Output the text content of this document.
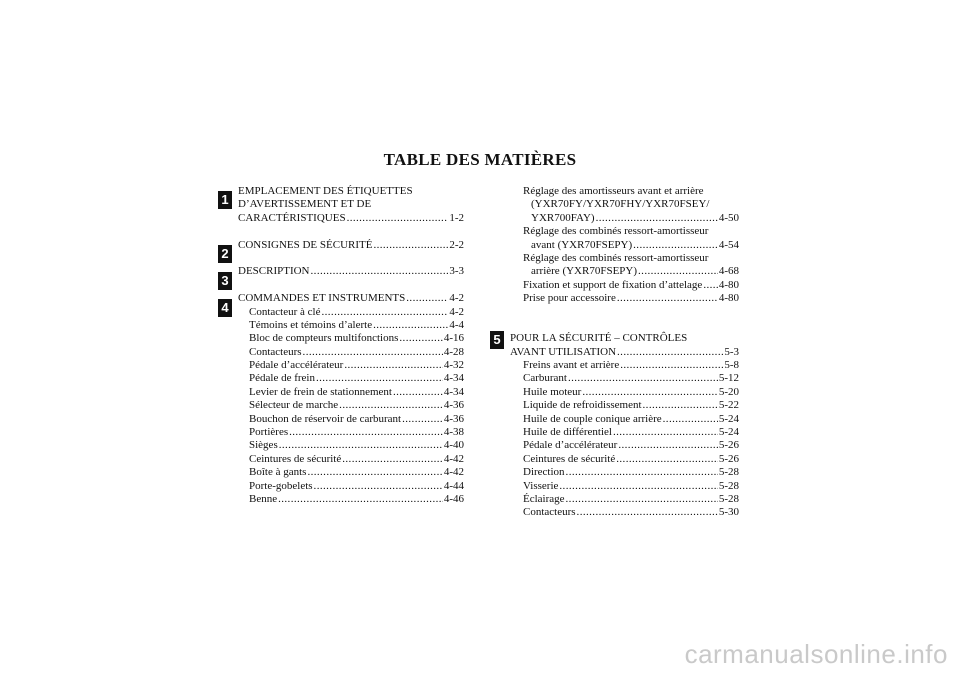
TABLE DES MATIÈRES
1
2
3
4
5
EMPLACEMENT DES ÉTIQUETTES
D’AVERTISSEMENT ET DE
CARACTÉRISTIQUES .....	1-2
CONSIGNES DE SÉCURITÉ .....	2-2
DESCRIPTION .....	3-3
COMMANDES ET INSTRUMENTS .....	4-2
Contacteur à clé .....	4-2
Témoins et témoins d’alerte .....	4-4
Bloc de compteurs multifonctions .....	4-16
Contacteurs .....	4-28
Pédale d’accélérateur .....	4-32
Pédale de frein .....	4-34
Levier de frein de stationnement .....	4-34
Sélecteur de marche .....	4-36
Bouchon de réservoir de carburant .....	4-36
Portières .....	4-38
Sièges .....	4-40
Ceintures de sécurité .....	4-42
Boîte à gants .....	4-42
Porte-gobelets .....	4-44
Benne .....	4-46
Réglage des amortisseurs avant et arrière
(YXR70FY/YXR70FHY/YXR70FSEY/
YXR700FAY) .....	4-50
Réglage des combinés ressort-amortisseur
avant (YXR70FSEPY) .....	4-54
Réglage des combinés ressort-amortisseur
arrière (YXR70FSEPY) .....	4-68
Fixation et support de fixation d’attelage ..... 4-80
Prise pour accessoire .....	4-80
POUR LA SÉCURITÉ – CONTRÔLES
AVANT UTILISATION .....	5-3
Freins avant et arrière .....	5-8
Carburant .....	5-12
Huile moteur .....	5-20
Liquide de refroidissement .....	5-22
Huile de couple conique arrière .....	5-24
Huile de différentiel .....	5-24
Pédale d’accélérateur .....	5-26
Ceintures de sécurité .....	5-26
Direction .....	5-28
Visserie .....	5-28
Éclairage .....	5-28
Contacteurs .....	5-30
carmanualsonline.info
